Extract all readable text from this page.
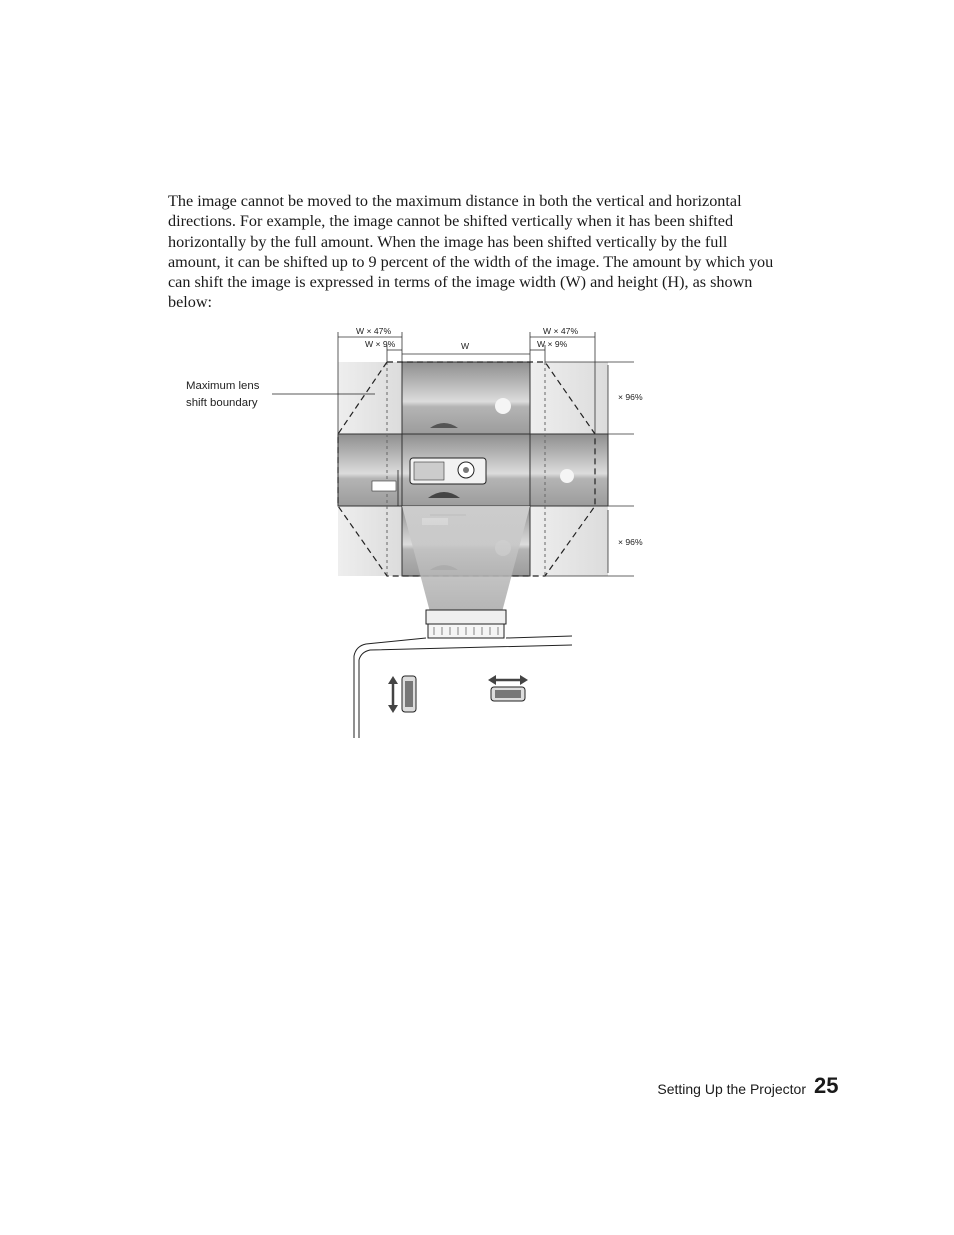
The image cannot be moved to the maximum distance in both the vertical and horizontal directions. For example, the image cannot be shifted vertically when it has been shifted horizontally by the full amount. When the image has been shifted vertically by the full amount, it can be shifted up to 9 percent of the width of the image. The amount by which you can shift the image is expressed in terms of the image width (W) and height (H), as shown below:

W × 47%
W × 9%	W
W × 47%
W × 9%
× 96%
× 96%
Maximum lens
shift boundary
Setting Up the Projector 25
